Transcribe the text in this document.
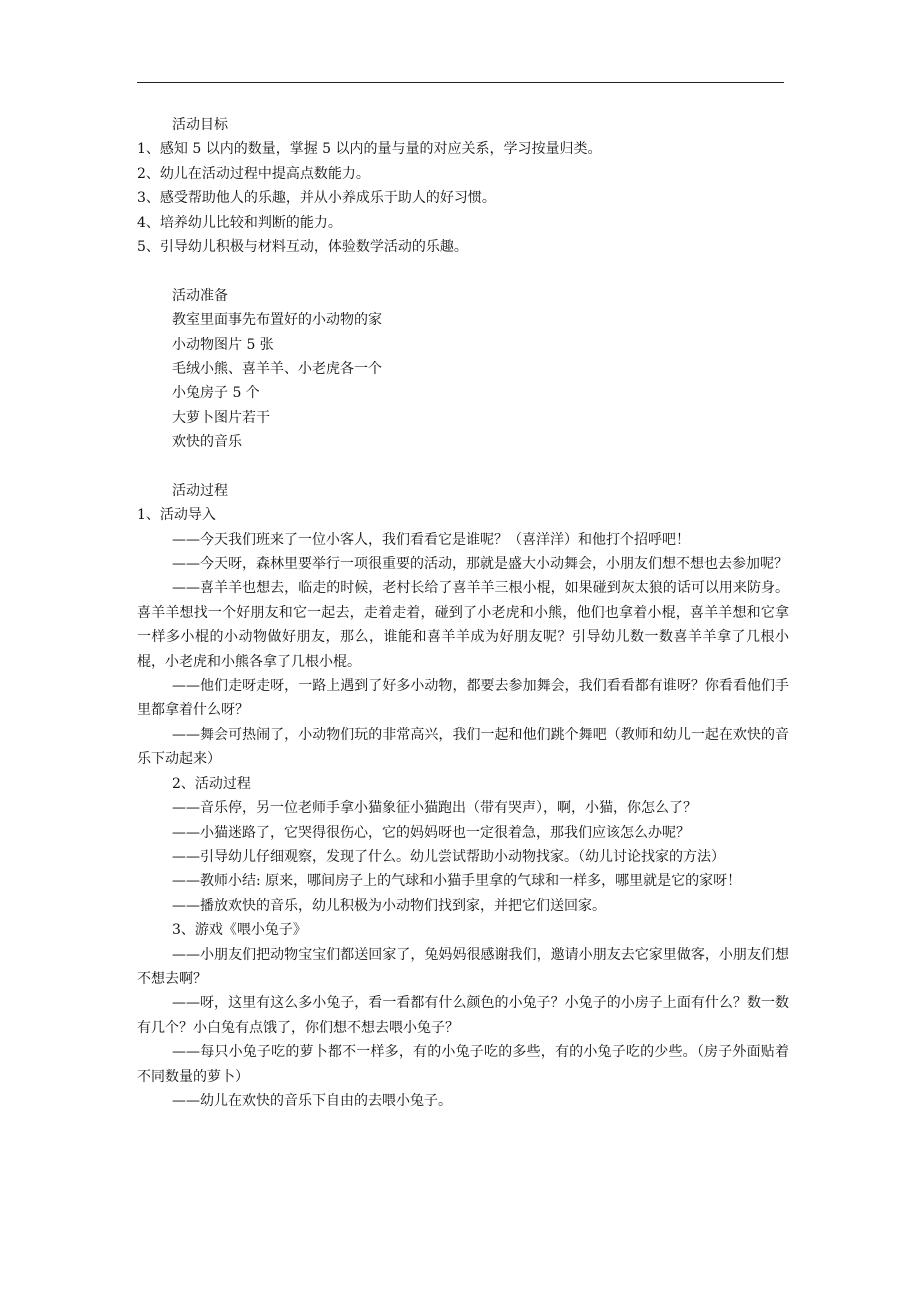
活动目标
1、感知 5 以内的数量，掌握 5 以内的量与量的对应关系，学习按量归类。
2、幼儿在活动过程中提高点数能力。
3、感受帮助他人的乐趣，并从小养成乐于助人的好习惯。
4、培养幼儿比较和判断的能力。
5、引导幼儿积极与材料互动，体验数学活动的乐趣。
活动准备
教室里面事先布置好的小动物的家
小动物图片 5 张
毛绒小熊、喜羊羊、小老虎各一个
小兔房子 5 个
大萝卜图片若干
欢快的音乐
活动过程
1、活动导入
——今天我们班来了一位小客人，我们看看它是谁呢？（喜洋洋）和他打个招呼吧！
——今天呀，森林里要举行一项很重要的活动，那就是盛大小动舞会，小朋友们想不想也去参加呢？
——喜羊羊也想去，临走的时候，老村长给了喜羊羊三根小棍，如果碰到灰太狼的话可以用来防身。喜羊羊想找一个好朋友和它一起去，走着走着，碰到了小老虎和小熊，他们也拿着小棍，喜羊羊想和它拿一样多小棍的小动物做好朋友，那么，谁能和喜羊羊成为好朋友呢？引导幼儿数一数喜羊羊拿了几根小棍，小老虎和小熊各拿了几根小棍。
——他们走呀走呀，一路上遇到了好多小动物，都要去参加舞会，我们看看都有谁呀？你看看他们手里都拿着什么呀？
——舞会可热闹了，小动物们玩的非常高兴，我们一起和他们跳个舞吧（教师和幼儿一起在欢快的音乐下动起来）
2、活动过程
——音乐停，另一位老师手拿小猫象征小猫跑出（带有哭声），啊，小猫，你怎么了？
——小猫迷路了，它哭得很伤心，它的妈妈呀也一定很着急，那我们应该怎么办呢？
——引导幼儿仔细观察，发现了什么。幼儿尝试帮助小动物找家。（幼儿讨论找家的方法）
——教师小结: 原来，哪间房子上的气球和小猫手里拿的气球和一样多，哪里就是它的家呀！
——播放欢快的音乐，幼儿积极为小动物们找到家，并把它们送回家。
3、游戏《喂小兔子》
——小朋友们把动物宝宝们都送回家了，兔妈妈很感谢我们，邀请小朋友去它家里做客，小朋友们想不想去啊？
——呀，这里有这么多小兔子，看一看都有什么颜色的小兔子？小兔子的小房子上面有什么？数一数有几个？小白兔有点饿了，你们想不想去喂小兔子？
——每只小兔子吃的萝卜都不一样多，有的小兔子吃的多些，有的小兔子吃的少些。（房子外面贴着不同数量的萝卜）
——幼儿在欢快的音乐下自由的去喂小兔子。
